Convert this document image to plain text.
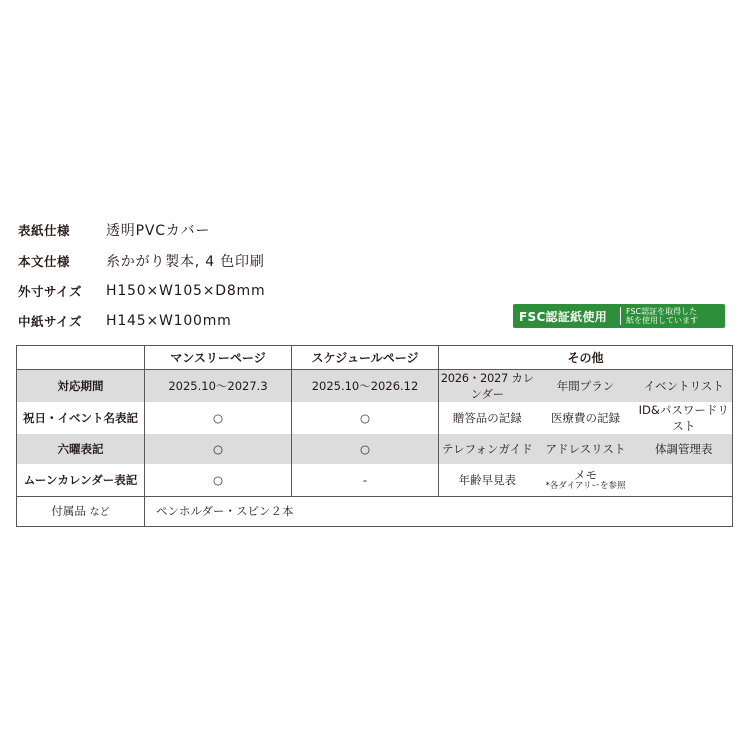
表紙仕様	透明PVCカバー
本文仕様	糸かがり製本, 4 色印刷
外寸サイズ	H150×W105×D8mm
中紙サイズ	H145×W100mm	FSC認証紙使用	FSC認証を取得した
紙を使用しています
	マンスリーページ	スケジュールページ	その他		
対応期間	2025.10〜2027.3	2025.10〜2026.12	2026・2027 カレンダー	年間プラン	イベントリスト
祝日・イベント名表記	○	○	贈答品の記録	医療費の記録	ID&パスワードリスト
六曜表記	○	○	テレフォンガイド	アドレスリスト	体調管理表
ムーンカレンダー表記	○	-	年齢早見表	メモ
*各ダイアリーを参照	

付属品 など	ペンホルダー・スピン２本				
